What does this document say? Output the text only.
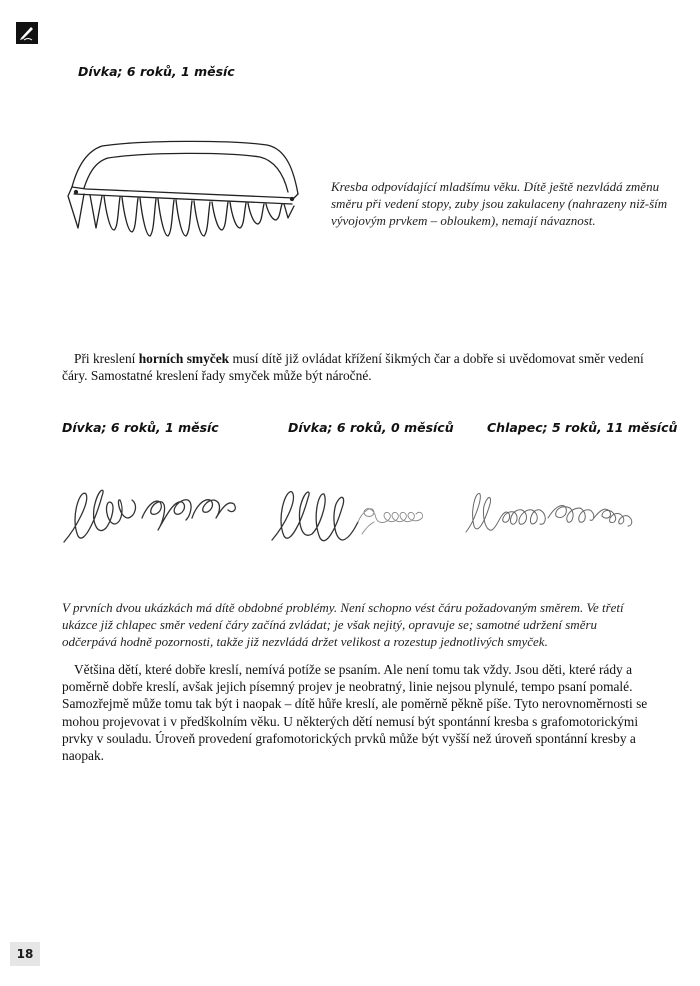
Dívka; 6 roků, 1 měsíc
Kresba odpovídající mladšímu věku. Dítě ještě nezvládá změnu směru při vedení stopy, zuby jsou zakulaceny (nahrazeny niž-ším vývojovým prvkem – obloukem), nemají návaznost.

Při kreslení horních smyček musí dítě již ovládat křížení šikmých čar a dobře si uvědomovat směr vedení čáry. Samostatné kreslení řady smyček může být náročné.

Dívka; 6 roků, 1 měsíc	Dívka; 6 roků, 0 měsíců	Chlapec; 5 roků, 11 měsíců
V prvních dvou ukázkách má dítě obdobné problémy. Není schopno vést čáru požadovaným směrem. Ve třetí ukázce již chlapec směr vedení čáry začíná zvládat; je však nejitý, opravuje se; samotné udržení směru odčerpává hodně pozornosti, takže již nezvládá držet velikost a rozestup jednotlivých smyček.
Většina dětí, které dobře kreslí, nemívá potíže se psaním. Ale není tomu tak vždy. Jsou děti, které rády a poměrně dobře kreslí, avšak jejich písemný projev je neobratný, linie nejsou plynulé, tempo psaní pomalé. Samozřejmě může tomu tak být i naopak – dítě hůře kreslí, ale poměrně pěkně píše. Tyto nerovnoměrnosti se mohou projevovat i v předškolním věku. U některých dětí nemusí být spontánní kresba s grafomotorickými prvky v souladu. Úroveň provedení grafomotorických prvků může být vyšší než úroveň spontánní kresby a naopak.
18
